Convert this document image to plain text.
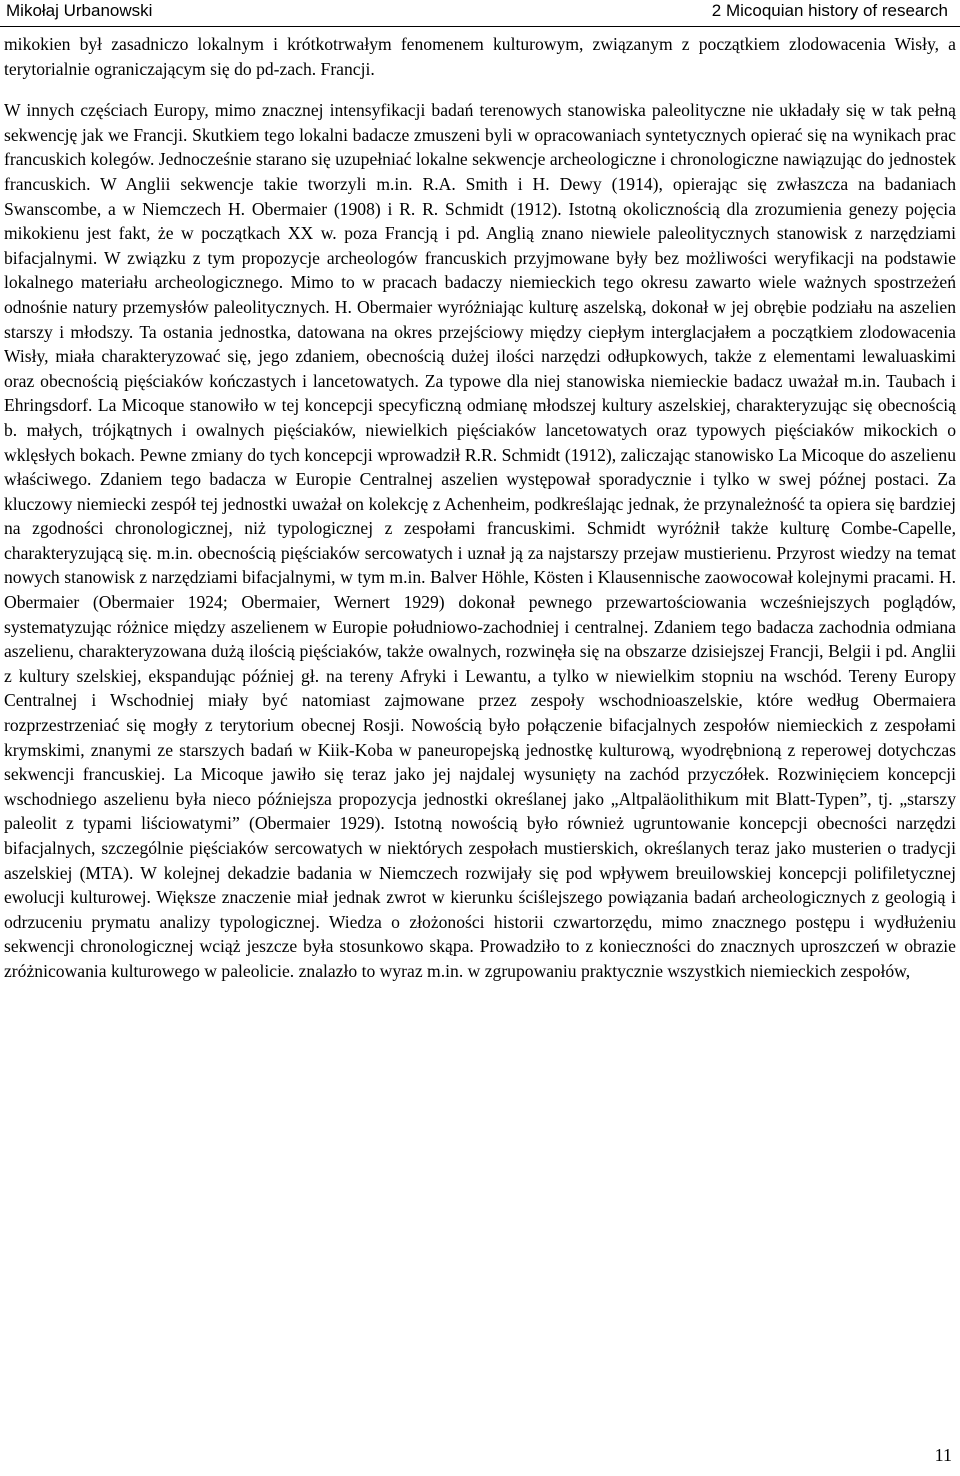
Mikołaj Urbanowski	2 Micoquian history of research

mikokien był zasadniczo lokalnym i krótkotrwałym fenomenem kulturowym, związanym z początkiem zlodowacenia Wisły, a terytorialnie ograniczającym się do pd-zach. Francji.

W innych częściach Europy, mimo znacznej intensyfikacji badań terenowych stanowiska paleolityczne nie układały się w tak pełną sekwencję jak we Francji. Skutkiem tego lokalni badacze zmuszeni byli w opracowaniach syntetycznych opierać się na wynikach prac francuskich kolegów. Jednocześnie starano się uzupełniać lokalne sekwencje archeologiczne i chronologiczne nawiązując do jednostek francuskich. W Anglii sekwencje takie tworzyli m.in. R.A. Smith i H. Dewy (1914), opierając się zwłaszcza na badaniach Swanscombe, a w Niemczech H. Obermaier (1908) i R. R. Schmidt (1912). Istotną okolicznością dla zrozumienia genezy pojęcia mikokienu jest fakt, że w początkach XX w. poza Francją i pd. Anglią znano niewiele paleolitycznych stanowisk z narzędziami bifacjalnymi. W związku z tym propozycje archeologów francuskich przyjmowane były bez możliwości weryfikacji na podstawie lokalnego materiału archeologicznego. Mimo to w pracach badaczy niemieckich tego okresu zawarto wiele ważnych spostrzeżeń odnośnie natury przemysłów paleolitycznych. H. Obermaier wyróżniając kulturę aszelską, dokonał w jej obrębie podziału na aszelien starszy i młodszy. Ta ostania jednostka, datowana na okres przejściowy między ciepłym interglacjałem a początkiem zlodowacenia Wisły, miała charakteryzować się, jego zdaniem, obecnością dużej ilości narzędzi odłupkowych, także z elementami lewaluaskimi oraz obecnością pięściaków kończastych i lancetowatych. Za typowe dla niej stanowiska niemieckie badacz uważał m.in. Taubach i Ehringsdorf. La Micoque stanowiło w tej koncepcji specyficzną odmianę młodszej kultury aszelskiej, charakteryzując się obecnością b. małych, trójkątnych i owalnych pięściaków, niewielkich pięściaków lancetowatych oraz typowych pięściaków mikockich o wklęsłych bokach. Pewne zmiany do tych koncepcji wprowadził R.R. Schmidt (1912), zaliczając stanowisko La Micoque do aszelienu właściwego. Zdaniem tego badacza w Europie Centralnej aszelien występował sporadycznie i tylko w swej późnej postaci. Za kluczowy niemiecki zespół tej jednostki uważał on kolekcję z Achenheim, podkreślając jednak, że przynależność ta opiera się bardziej na zgodności chronologicznej, niż typologicznej z zespołami francuskimi. Schmidt wyróżnił także kulturę Combe-Capelle, charakteryzującą się. m.in. obecnością pięściaków sercowatych i uznał ją za najstarszy przejaw mustierienu. Przyrost wiedzy na temat nowych stanowisk z narzędziami bifacjalnymi, w tym m.in. Balver Höhle, Kösten i Klausennische zaowocował kolejnymi pracami. H. Obermaier (Obermaier 1924; Obermaier, Wernert 1929) dokonał pewnego przewartościowania wcześniejszych poglądów, systematyzując różnice między aszelienem w Europie południowo-zachodniej i centralnej. Zdaniem tego badacza zachodnia odmiana aszelienu, charakteryzowana dużą ilością pięściaków, także owalnych, rozwinęła się na obszarze dzisiejszej Francji, Belgii i pd. Anglii z kultury szelskiej, ekspandując później gł. na tereny Afryki i Lewantu, a tylko w niewielkim stopniu na wschód. Tereny Europy Centralnej i Wschodniej miały być natomiast zajmowane przez zespoły wschodnioaszelskie, które według Obermaiera rozprzestrzeniać się mogły z terytorium obecnej Rosji. Nowością było połączenie bifacjalnych zespołów niemieckich z zespołami krymskimi, znanymi ze starszych badań w Kiik-Koba w paneuropejską jednostkę kulturową, wyodrębnioną z reperowej dotychczas sekwencji francuskiej. La Micoque jawiło się teraz jako jej najdalej wysunięty na zachód przyczółek. Rozwinięciem koncepcji wschodniego aszelienu była nieco późniejsza propozycja jednostki określanej jako „Altpaläolithikum mit Blatt-Typen”, tj. „starszy paleolit z typami liściowatymi” (Obermaier 1929). Istotną nowością było również ugruntowanie koncepcji obecności narzędzi bifacjalnych, szczególnie pięściaków sercowatych w niektórych zespołach mustierskich, określanych teraz jako musterien o tradycji aszelskiej (MTA). W kolejnej dekadzie badania w Niemczech rozwijały się pod wpływem breuilowskiej koncepcji polifiletycznej ewolucji kulturowej. Większe znaczenie miał jednak zwrot w kierunku ściślejszego powiązania badań archeologicznych z geologią i odrzuceniu prymatu analizy typologicznej. Wiedza o złożoności historii czwartorzędu, mimo znacznego postępu i wydłużeniu sekwencji chronologicznej wciąż jeszcze była stosunkowo skąpa. Prowadziło to z konieczności do znacznych uproszczeń w obrazie zróżnicowania kulturowego w paleolicie. znalazło to wyraz m.in. w zgrupowaniu praktycznie wszystkich niemieckich zespołów,

11
